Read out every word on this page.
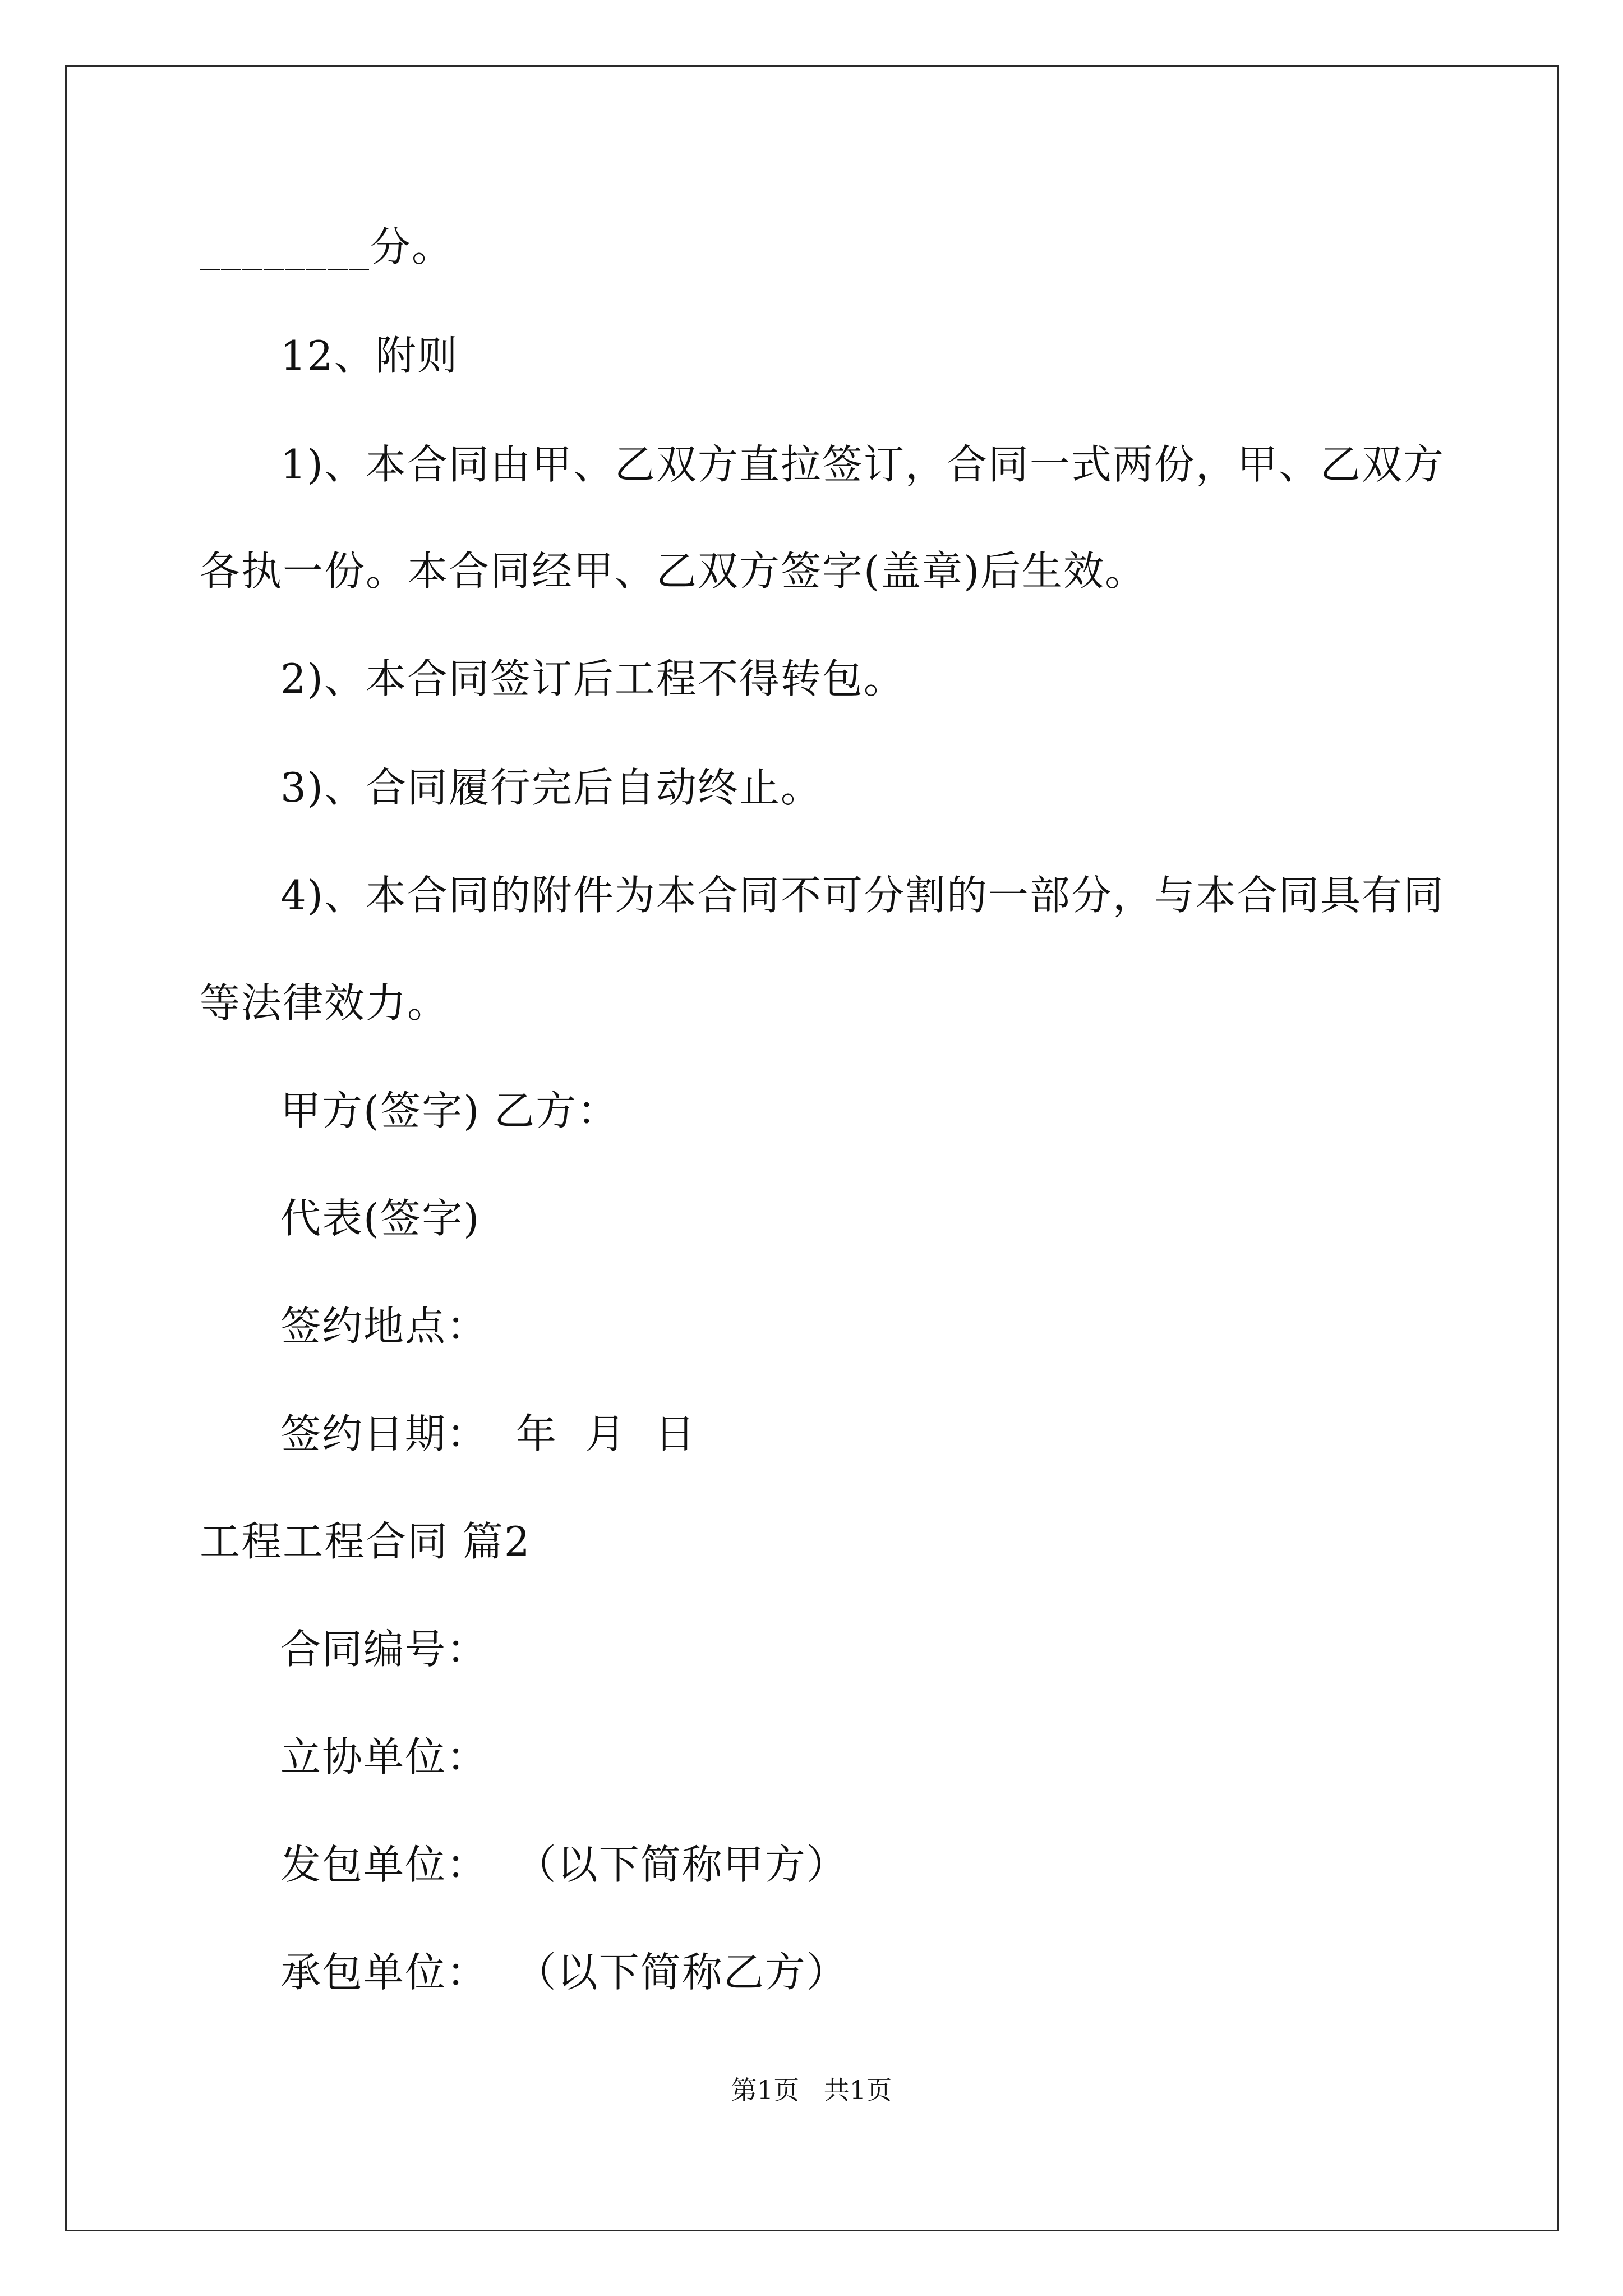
________分。
12、附则
1)、本合同由甲、乙双方直拉签订，合同一式两份，甲、乙双方
各执一份。本合同经甲、乙双方签字(盖章)后生效。
2)、本合同签订后工程不得转包。
3)、合同履行完后自动终止。
4)、本合同的附件为本合同不可分割的一部分，与本合同具有同
等法律效力。
甲方(签字) 乙方：
代表(签字)
签约地点：
签约日期：  年  月  日
工程工程合同 篇2
合同编号：
立协单位：
发包单位：  （以下简称甲方）
承包单位：  （以下简称乙方）
第1页   共1页
